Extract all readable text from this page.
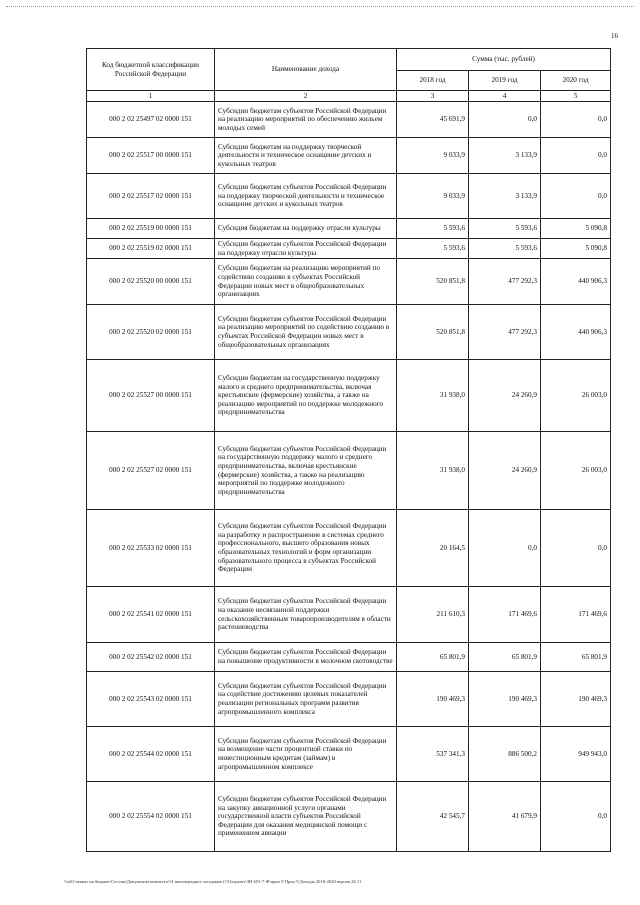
16
Код бюджетной классификации Российской Федерации	Наименование дохода	Сумма (тыс. рублей)		
		2018 год	2019 год	2020 год
1	2	3	4	5
000 2 02 25497 02 0000 151	Субсидии бюджетам субъектов Российской Федерации на реализацию мероприятий по обеспечению жильем молодых семей	45 691,9	0,0	0,0
000 2 02 25517 00 0000 151	Субсидии бюджетам на поддержку творческой деятельности и техническое оснащение детских и кукольных театров	9 033,9	3 133,9	0,0
000 2 02 25517 02 0000 151	Субсидии бюджетам субъектов Российской Федерации на поддержку творческой деятельности и техническое оснащение детских и кукольных театров	9 033,9	3 133,9	0,0
000 2 02 25519 00 0000 151	Субсидия бюджетам на поддержку отрасли культуры	5 593,6	5 593,6	5 090,8
000 2 02 25519 02 0000 151	Субсидии бюджетам субъектов Российской Федерации на поддержку отрасли культуры	5 593,6	5 593,6	5 090,8
000 2 02 25520 00 0000 151	Субсидии бюджетам на реализацию мероприятий по содействию созданию в субъектах Российской Федерации новых мест в общеобразовательных организациях	520 851,8	477 292,3	440 906,3
000 2 02 25520 02 0000 151	Субсидии бюджетам субъектов Российской Федерации на реализацию мероприятий по содействию созданию в субъектах Российской Федерации новых мест в общеобразовательных организациях	520 851,8	477 292,3	440 906,3
000 2 02 25527 00 0000 151	Субсидии бюджетам на государственную поддержку малого и среднего предпринимательства, включая крестьянские (фермерские) хозяйства, а также на реализацию мероприятий по поддержке молодежного предпринимательства	31 938,0	24 260,9	26 003,0
000 2 02 25527 02 0000 151	Субсидии бюджетам субъектов Российской Федерации на государственную поддержку малого и среднего предпринимательства, включая крестьянские (фермерские) хозяйства, а также на реализацию мероприятий по поддержке молодежного предпринимательства	31 938,0	24 260,9	26 003,0
000 2 02 25533 02 0000 151	Субсидии бюджетам субъектов Российской Федерации на разработку и распространение в системах среднего профессионального, высшего образования новых образовательных технологий и форм организации образовательного процесса в субъектах Российской Федерации	20 164,5	0,0	0,0
000 2 02 25541 02 0000 151	Субсидии бюджетам субъектов Российской Федерации на оказание несвязанной поддержки сельскохозяйственным товаропроизводителям в области растениеводства	211 610,3	171 469,6	171 469,6
000 2 02 25542 02 0000 151	Субсидии бюджетам субъектов Российской Федерации на повышение продуктивности в молочном скотоводстве	65 801,9	65 801,9	65 801,9
000 2 02 25543 02 0000 151	Субсидии бюджетам субъектов Российской Федерации на содействие достижению целевых показателей реализации региональных программ развития агропромышленного комплекса	190 469,3	190 469,3	190 469,3
000 2 02 25544 02 0000 151	Субсидии бюджетам субъектов Российской Федерации на возмещение части процентной ставки по инвестиционным кредитам (займам) в агропромышленном комплексе	537 341,3	886 500,2	949 943,0
000 2 02 25554 02 0000 151	Субсидии бюджетам субъектов Российской Федерации на закупку авиационной услуги органами государственной власти субъектов Российской Федерации для оказания медицинской помощи с применением авиации	42 545,7	41 679,9	0,0
\\ts01\заявит на бюджет\Сессии\Документы комитета\31 внеочередное заседание (13)\проект\ЗН 653-7-Ф\прил 9 Прил 9 Доходы 2018-2020 версия 26.11
